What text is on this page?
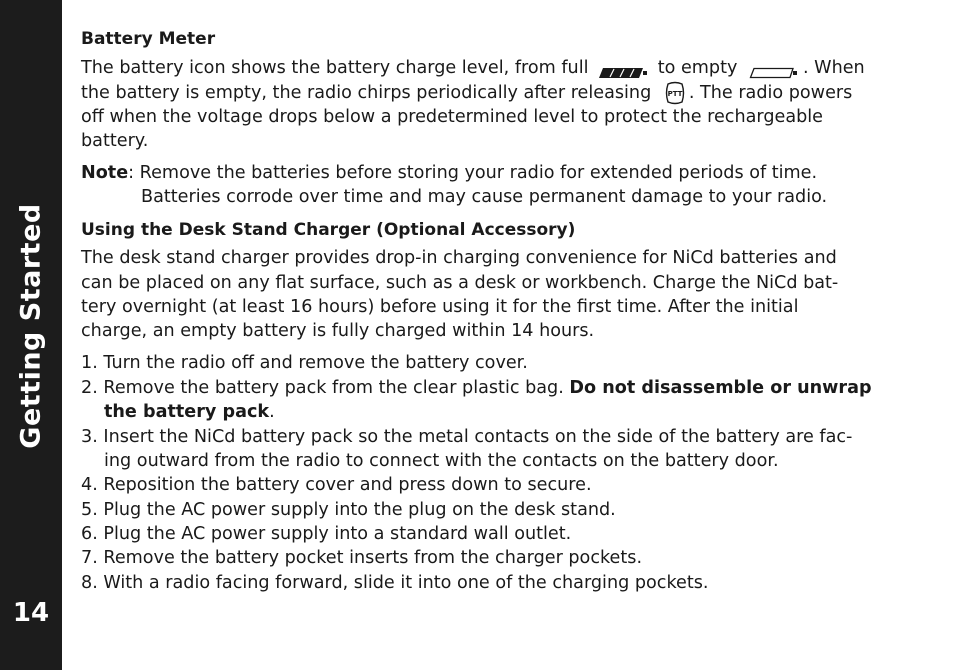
Getting Started
14
Battery Meter
The battery icon shows the battery charge level, from full	to empty	. When
the battery is empty, the radio chirps periodically after releasing PTT . The radio powers
off when the voltage drops below a predetermined level to protect the rechargeable
battery.
Note: Remove the batteries before storing your radio for extended periods of time.
Batteries corrode over time and may cause permanent damage to your radio.
Using the Desk Stand Charger (Optional Accessory)
The desk stand charger provides drop-in charging convenience for NiCd batteries and
can be placed on any flat surface, such as a desk or workbench. Charge the NiCd bat-
tery overnight (at least 16 hours) before using it for the first time. After the initial
charge, an empty battery is fully charged within 14 hours.
1. Turn the radio off and remove the battery cover.
2. Remove the battery pack from the clear plastic bag. Do not disassemble or unwrap
the battery pack.
3. Insert the NiCd battery pack so the metal contacts on the side of the battery are fac-
ing outward from the radio to connect with the contacts on the battery door.
4. Reposition the battery cover and press down to secure.
5. Plug the AC power supply into the plug on the desk stand.
6. Plug the AC power supply into a standard wall outlet.
7. Remove the battery pocket inserts from the charger pockets.
8. With a radio facing forward, slide it into one of the charging pockets.
